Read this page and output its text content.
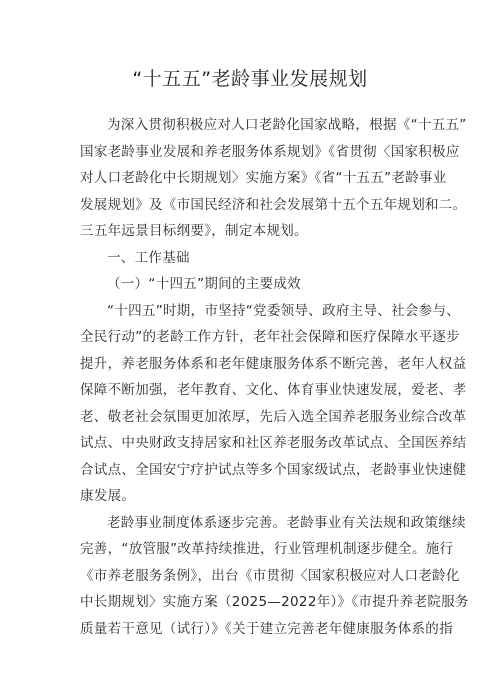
“十五五”老龄事业发展规划
为深入贯彻积极应对人口老龄化国家战略，根据《“十五五”
国家老龄事业发展和养老服务体系规划》《省贯彻〈国家积极应
对人口老龄化中长期规划〉实施方案》《省“十五五”老龄事业
发展规划》及《市国民经济和社会发展第十五个五年规划和二。
三五年远景目标纲要》，制定本规划。
一、工作基础
（一）“十四五”期间的主要成效
“十四五”时期，市坚持“党委领导、政府主导、社会参与、
全民行动”的老龄工作方针，老年社会保障和医疗保障水平逐步
提升，养老服务体系和老年健康服务体系不断完善，老年人权益
保障不断加强，老年教育、文化、体育事业快速发展，爱老、孝
老、敬老社会氛围更加浓厚，先后入选全国养老服务业综合改革
试点、中央财政支持居家和社区养老服务改革试点、全国医养结
合试点、全国安宁疗护试点等多个国家级试点，老龄事业快速健
康发展。
老龄事业制度体系逐步完善。老龄事业有关法规和政策继续
完善，“放管服”改革持续推进，行业管理机制逐步健全。施行
《市养老服务条例》，出台《市贯彻〈国家积极应对人口老龄化
中长期规划〉实施方案（2025—2022年）》《市提升养老院服务
质量若干意见（试行）》《关于建立完善老年健康服务体系的指
